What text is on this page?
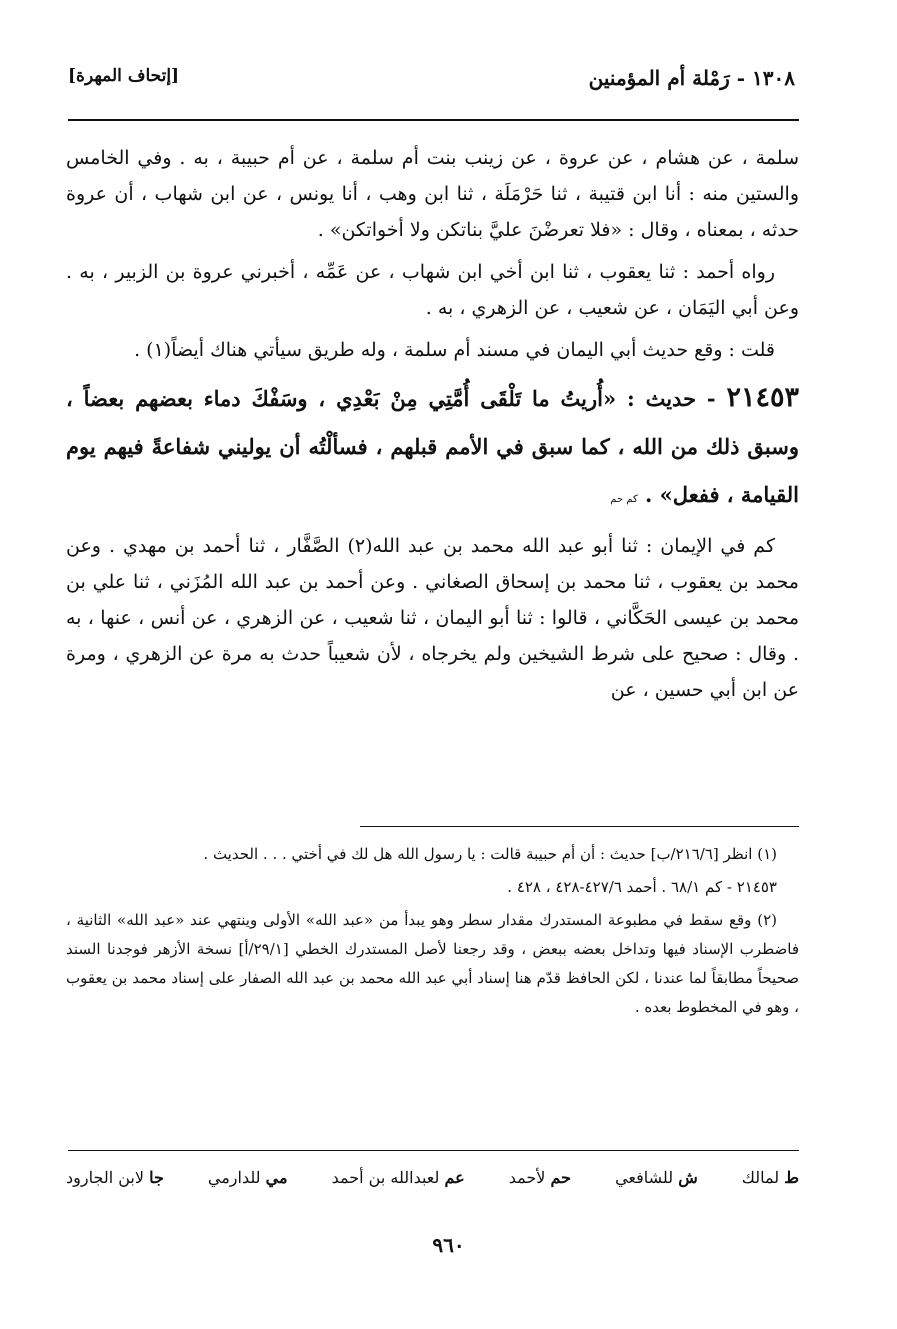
١٣٠٨ - رَمْلة أم المؤمنين
[إتحاف المهرة]

سلمة ، عن هشام ، عن عروة ، عن زينب بنت أم سلمة ، عن أم حبيبة ، به . وفي الخامس والستين منه : أنا ابن قتيبة ، ثنا حَرْمَلَة ، ثنا ابن وهب ، أنا يونس ، عن ابن شهاب ، أن عروة حدثه ، بمعناه ، وقال : «فلا تعرضْنَ عليَّ بناتكن ولا أخواتكن» .

رواه أحمد : ثنا يعقوب ، ثنا ابن أخي ابن شهاب ، عن عَمِّه ، أخبرني عروة بن الزبير ، به . وعن أبي اليَمَان ، عن شعيب ، عن الزهري ، به .

قلت : وقع حديث أبي اليمان في مسند أم سلمة ، وله طريق سيأتي هناك أيضاً(١) .

٢١٤٥٣ - حديث : «أُريتُ ما تَلْقَى أُمَّتِي مِنْ بَعْدِي ، وسَفْكَ دماء بعضهم بعضاً ، وسبق ذلك من الله ، كما سبق في الأمم قبلهم ، فسألْتُه أن يوليني شفاعةً فيهم يوم القيامة ، ففعل» . كم حم

كم في الإيمان : ثنا أبو عبد الله محمد بن عبد الله(٢) الصَّفَّار ، ثنا أحمد بن مهدي . وعن محمد بن يعقوب ، ثنا محمد بن إسحاق الصغاني . وعن أحمد بن عبد الله المُزَني ، ثنا علي بن محمد بن عيسى الحَكَّاني ، قالوا : ثنا أبو اليمان ، ثنا شعيب ، عن الزهري ، عن أنس ، عنها ، به . وقال : صحيح على شرط الشيخين ولم يخرجاه ، لأن شعيباً حدث به مرة عن الزهري ، ومرة عن ابن أبي حسين ، عن

(١) انظر [٢١٦/٦/ب] حديث : أن أم حبيبة قالت : يا رسول الله هل لك في أختي . . . الحديث .

٢١٤٥٣ - كم ٦٨/١ . أحمد ٤٢٧/٦-٤٢٨ ، ٤٢٨ .

(٢) وقع سقط في مطبوعة المستدرك مقدار سطر وهو يبدأ من «عبد الله» الأولى وينتهي عند «عبد الله» الثانية ، فاضطرب الإسناد فيها وتداخل بعضه ببعض ، وقد رجعنا لأصل المستدرك الخطي [٢٩/١/أ] نسخة الأزهر فوجدنا السند صحيحاً مطابقاً لما عندنا ، لكن الحافظ قدّم هنا إسناد أبي عبد الله محمد بن عبد الله الصفار على إسناد محمد بن يعقوب ، وهو في المخطوط بعده .

ط لمالك
ش للشافعي
حم لأحمد
عم لعبدالله بن أحمد
مي للدارمي
جا لابن الجارود
٩٦٠
